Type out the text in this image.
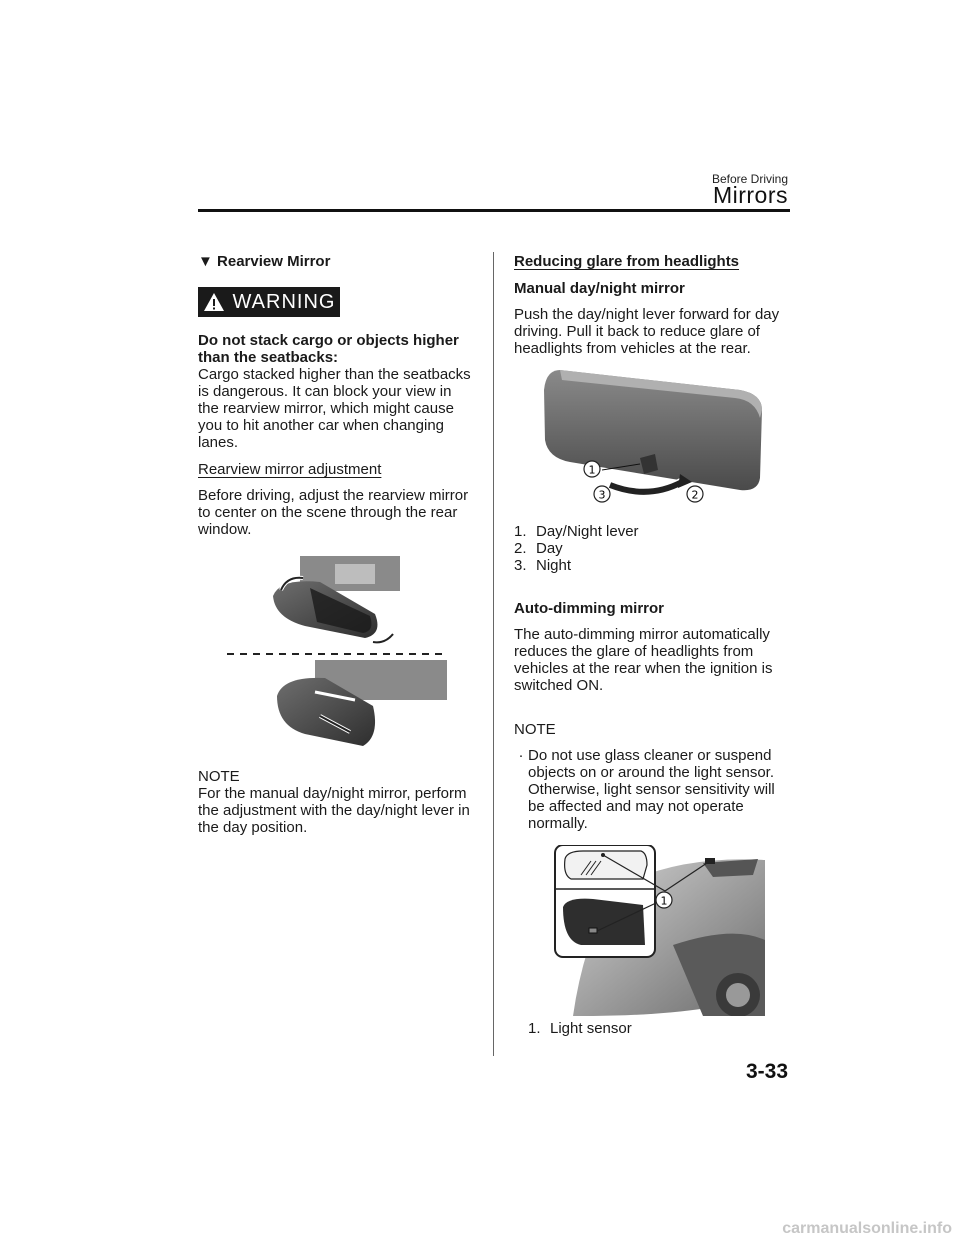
Before Driving
Mirrors
▼ Rearview Mirror
WARNING
Do not stack cargo or objects higher than the seatbacks:
Cargo stacked higher than the seatbacks is dangerous. It can block your view in the rearview mirror, which might cause you to hit another car when changing lanes.
Rearview mirror adjustment
Before driving, adjust the rearview mirror to center on the scene through the rear window.
NOTE
For the manual day/night mirror, perform the adjustment with the day/night lever in the day position.
Reducing glare from headlights
Manual day/night mirror
Push the day/night lever forward for day driving. Pull it back to reduce glare of headlights from vehicles at the rear.
1
3	2
1. Day/Night lever
2. Day
3. Night
Auto-dimming mirror
The auto-dimming mirror automatically reduces the glare of headlights from vehicles at the rear when the ignition is switched ON.
NOTE
· Do not use glass cleaner or suspend objects on or around the light sensor. Otherwise, light sensor sensitivity will be affected and may not operate normally.
1
1. Light sensor
3-33
carmanualsonline.info
